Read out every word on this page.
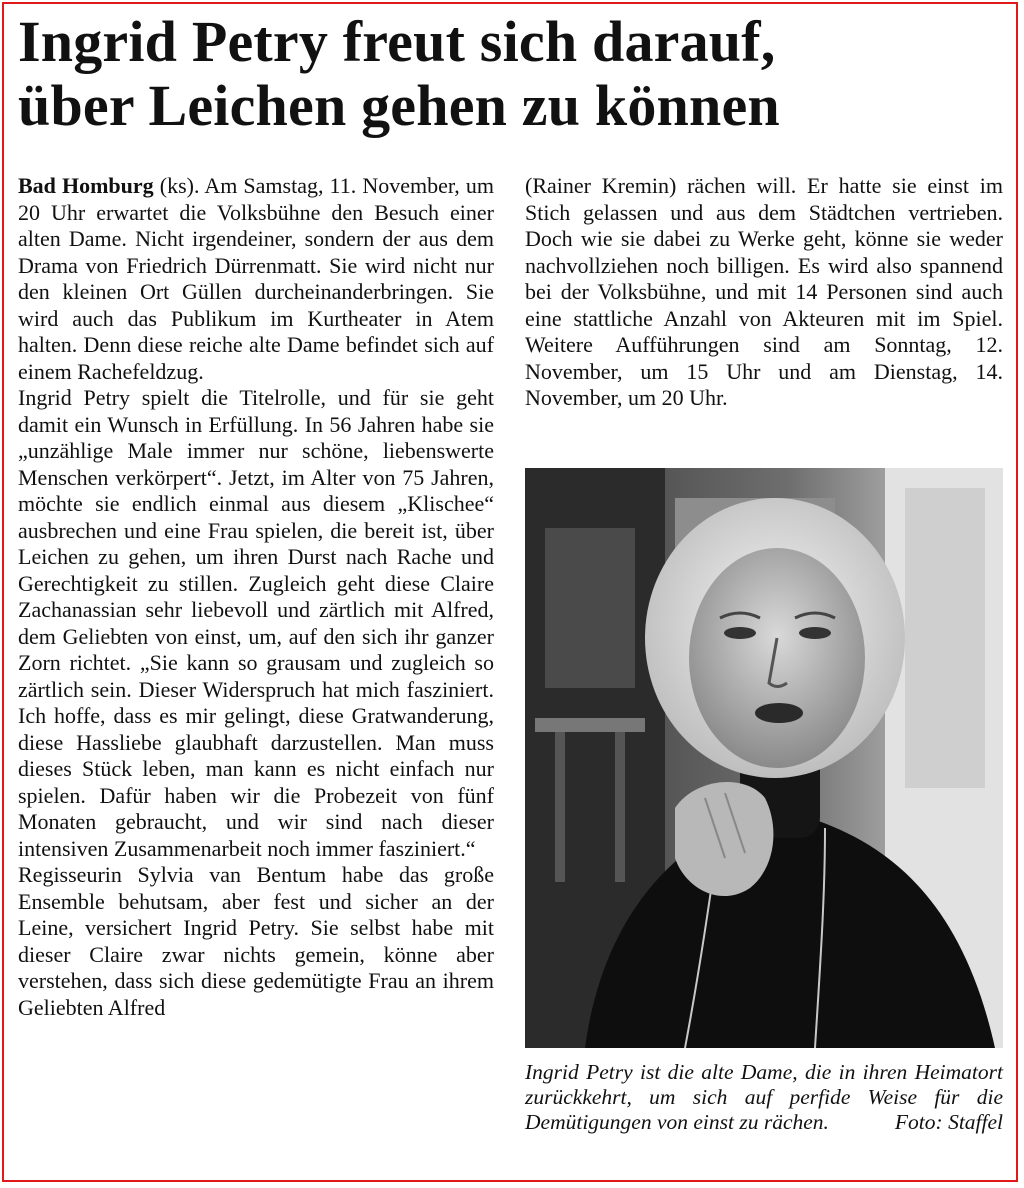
Ingrid Petry freut sich darauf,
über Leichen gehen zu können

Bad Homburg (ks). Am Samstag, 11. November, um 20 Uhr erwartet die Volksbühne den Besuch einer alten Dame. Nicht irgendeiner, sondern der aus dem Drama von Friedrich Dürrenmatt. Sie wird nicht nur den kleinen Ort Güllen durcheinanderbringen. Sie wird auch das Publikum im Kurtheater in Atem halten. Denn diese reiche alte Dame befindet sich auf einem Rachefeldzug.

Ingrid Petry spielt die Titelrolle, und für sie geht damit ein Wunsch in Erfüllung. In 56 Jahren habe sie „unzählige Male immer nur schöne, liebenswerte Menschen verkörpert“. Jetzt, im Alter von 75 Jahren, möchte sie endlich einmal aus diesem „Klischee“ ausbrechen und eine Frau spielen, die bereit ist, über Leichen zu gehen, um ihren Durst nach Rache und Gerechtigkeit zu stillen. Zugleich geht diese Claire Zachanassian sehr liebevoll und zärtlich mit Alfred, dem Geliebten von einst, um, auf den sich ihr ganzer Zorn richtet. „Sie kann so grausam und zugleich so zärtlich sein. Dieser Widerspruch hat mich fasziniert. Ich hoffe, dass es mir gelingt, diese Gratwanderung, diese Hassliebe glaubhaft darzustellen. Man muss dieses Stück leben, man kann es nicht einfach nur spielen. Dafür haben wir die Probezeit von fünf Monaten gebraucht, und wir sind nach dieser intensiven Zusammenarbeit noch immer fasziniert.“

Regisseurin Sylvia van Bentum habe das große Ensemble behutsam, aber fest und sicher an der Leine, versichert Ingrid Petry. Sie selbst habe mit dieser Claire zwar nichts gemein, könne aber verstehen, dass sich diese gedemütigte Frau an ihrem Geliebten Alfred

(Rainer Kremin) rächen will. Er hatte sie einst im Stich gelassen und aus dem Städtchen vertrieben. Doch wie sie dabei zu Werke geht, könne sie weder nachvollziehen noch billigen. Es wird also spannend bei der Volksbühne, und mit 14 Personen sind auch eine stattliche Anzahl von Akteuren mit im Spiel. Weitere Aufführungen sind am Sonntag, 12. November, um 15 Uhr und am Dienstag, 14. November, um 20 Uhr.

Ingrid Petry ist die alte Dame, die in ihren Heimatort zurückkehrt, um sich auf perfide Weise für die Demütigungen von einst zu rächen.	Foto: Staffel
